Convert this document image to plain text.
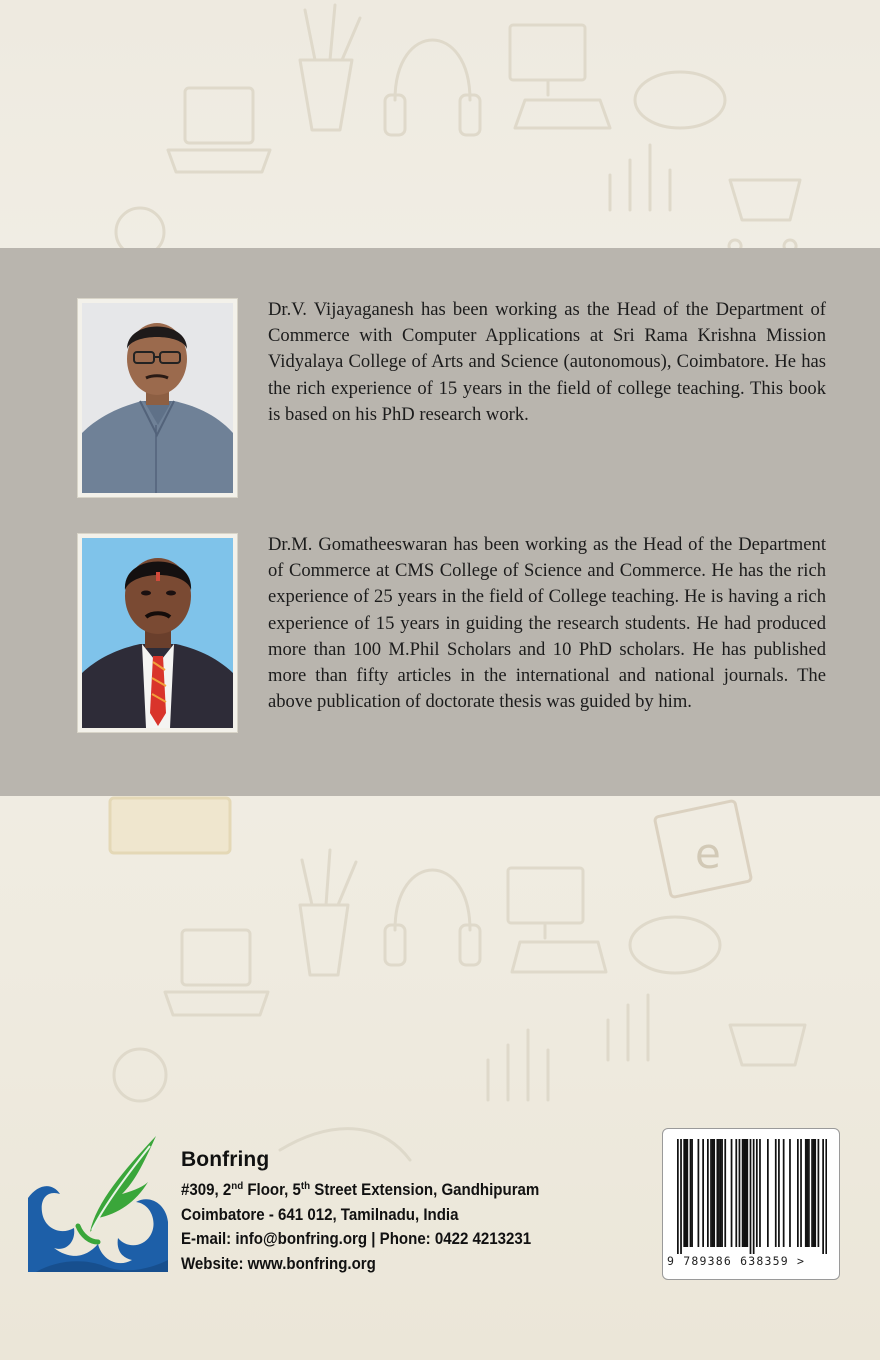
e
Dr.V. Vijayaganesh has been working as the Head of the Department of Commerce with Computer Applications at Sri Rama Krishna Mission Vidyalaya College of Arts and Science (autonomous), Coimbatore. He has the rich experience of 15 years in the field of college teaching. This book is based on his PhD research work.
Dr.M. Gomatheeswaran has been working as the Head of the Department of Commerce at CMS College of Science and Commerce. He has the rich experience of 25 years in the field of College teaching. He is having a rich experience of 15 years in guiding the research students. He had produced more than 100 M.Phil Scholars and 10 PhD scholars. He has published more than fifty articles in the international and national journals. The above publication of doctorate thesis was guided by him.
Bonfring
#309, 2nd Floor, 5th Street Extension, Gandhipuram
Coimbatore - 641 012, Tamilnadu, India
E-mail: info@bonfring.org | Phone: 0422 4213231
Website: www.bonfring.org	9 789386 638359 >
